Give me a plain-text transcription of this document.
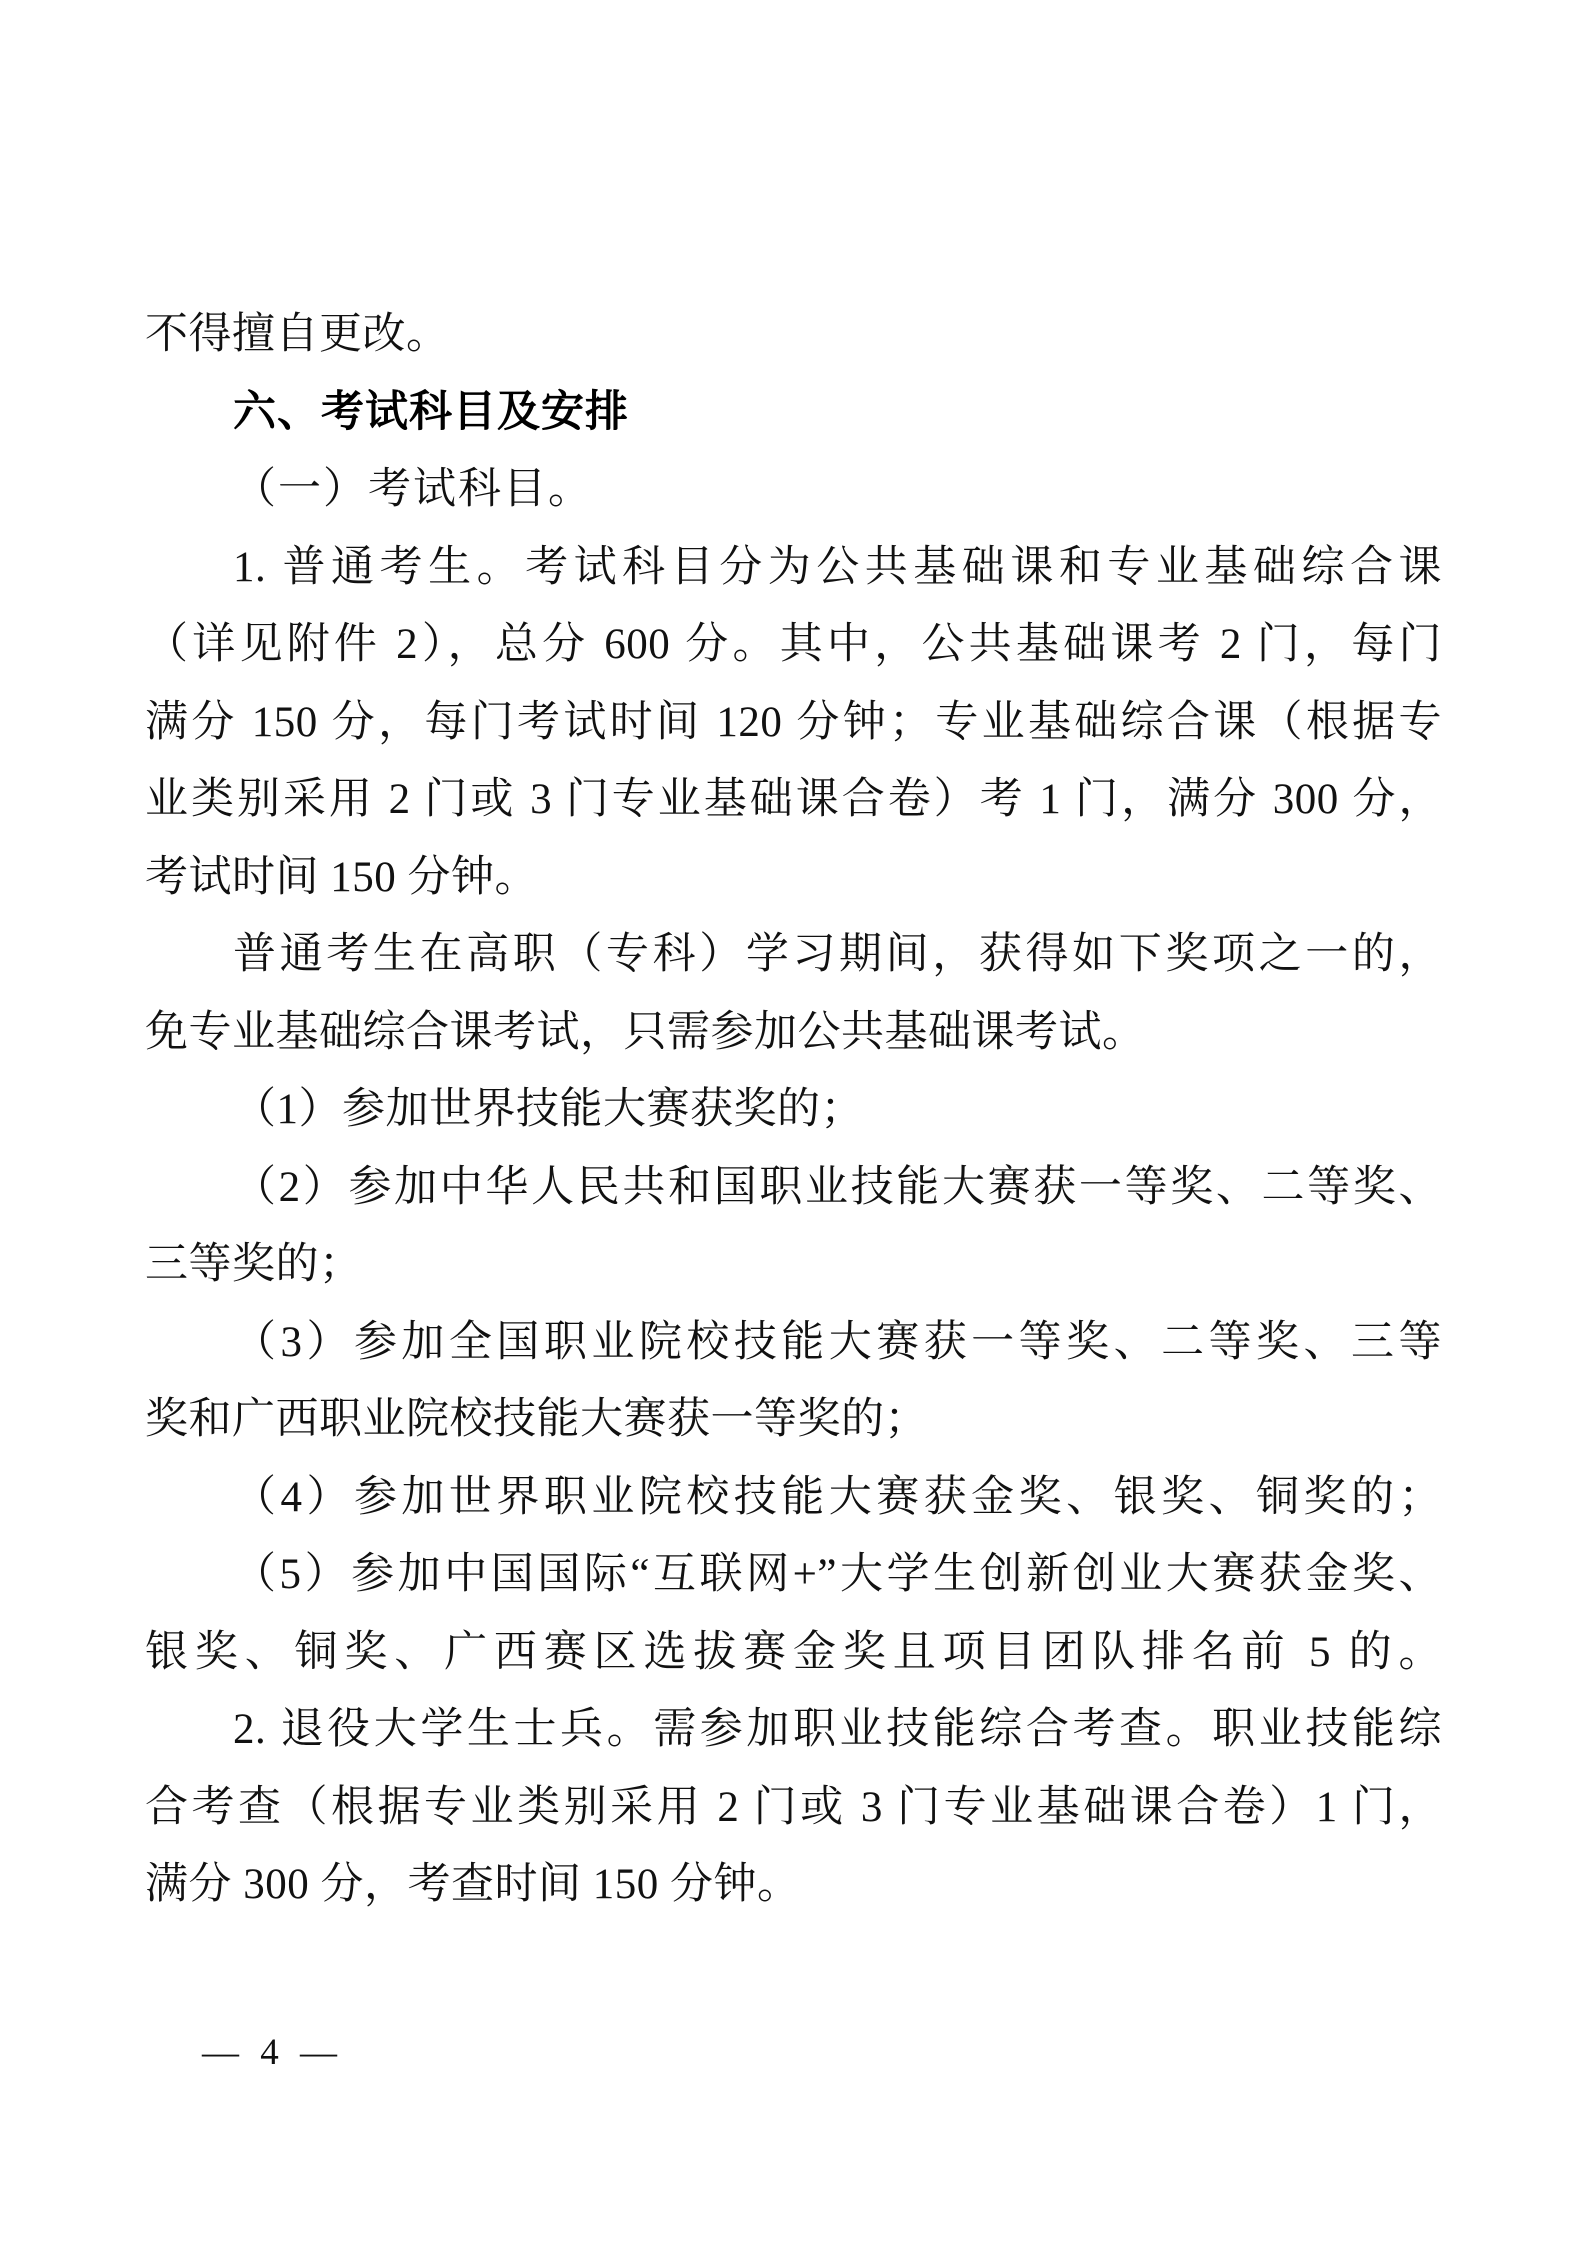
不得擅自更改。
六、考试科目及安排
（一）考试科目。
1. 普通考生。考试科目分为公共基础课和专业基础综合课
（详见附件 2），总分 600 分。其中，公共基础课考 2 门，每门
满分 150 分，每门考试时间 120 分钟；专业基础综合课（根据专
业类别采用 2 门或 3 门专业基础课合卷）考 1 门，满分 300 分，
考试时间 150 分钟。
普通考生在高职（专科）学习期间，获得如下奖项之一的，
免专业基础综合课考试，只需参加公共基础课考试。
（1）参加世界技能大赛获奖的；
（2）参加中华人民共和国职业技能大赛获一等奖、二等奖、
三等奖的；
（3）参加全国职业院校技能大赛获一等奖、二等奖、三等
奖和广西职业院校技能大赛获一等奖的；
（4）参加世界职业院校技能大赛获金奖、银奖、铜奖的；
（5）参加中国国际“互联网+”大学生创新创业大赛获金奖、
银奖、铜奖、广西赛区选拔赛金奖且项目团队排名前 5 的。
2. 退役大学生士兵。需参加职业技能综合考查。职业技能综
合考查（根据专业类别采用 2 门或 3 门专业基础课合卷）1 门，
满分 300 分，考查时间 150 分钟。
— 4 —
